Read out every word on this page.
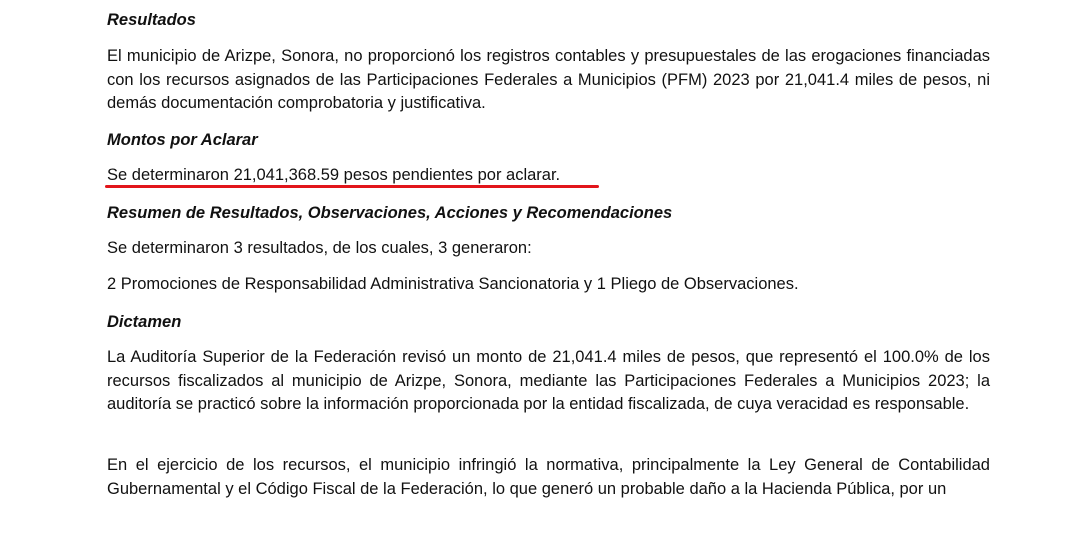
Resultados
El municipio de Arizpe, Sonora, no proporcionó los registros contables y presupuestales de las erogaciones financiadas con los recursos asignados de las Participaciones Federales a Municipios (PFM) 2023 por 21,041.4 miles de pesos, ni demás documentación comprobatoria y justificativa.
Montos por Aclarar
Se determinaron 21,041,368.59 pesos pendientes por aclarar.
Resumen de Resultados, Observaciones, Acciones y Recomendaciones
Se determinaron 3 resultados, de los cuales, 3 generaron:
2 Promociones de Responsabilidad Administrativa Sancionatoria y 1 Pliego de Observaciones.
Dictamen
La Auditoría Superior de la Federación revisó un monto de 21,041.4 miles de pesos, que representó el 100.0% de los recursos fiscalizados al municipio de Arizpe, Sonora, mediante las Participaciones Federales a Municipios 2023; la auditoría se practicó sobre la información proporcionada por la entidad fiscalizada, de cuya veracidad es responsable.
En el ejercicio de los recursos, el municipio infringió la normativa, principalmente la Ley General de Contabilidad Gubernamental y el Código Fiscal de la Federación, lo que generó un probable daño a la Hacienda Pública, por un
